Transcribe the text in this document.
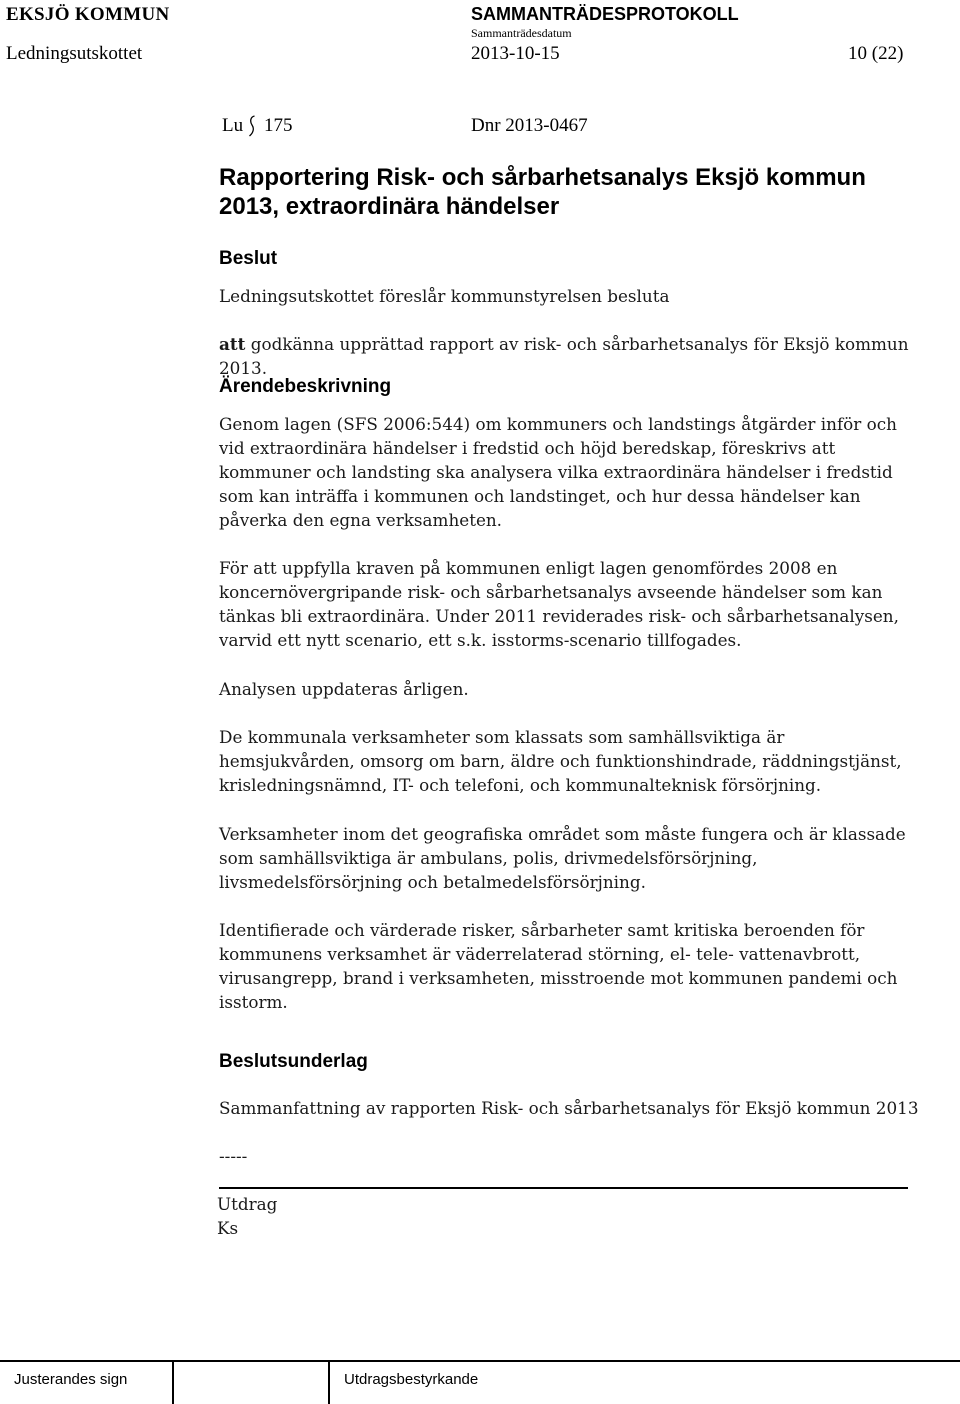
EKSJÖ KOMMUN	SAMMANTRÄDESPROTOKOLL
Sammanträdesdatum
Ledningsutskottet	2013-10-15	10 (22)
Lu 175	Dnr 2013-0467
Rapportering Risk- och sårbarhetsanalys Eksjö kommun 2013, extraordinära händelser
Beslut
Ledningsutskottet föreslår kommunstyrelsen besluta
att godkänna upprättad rapport av risk- och sårbarhetsanalys för Eksjö kommun 2013.
Ärendebeskrivning
Genom lagen (SFS 2006:544) om kommuners och landstings åtgärder inför och vid extraordinära händelser i fredstid och höjd beredskap, föreskrivs att kommuner och landsting ska analysera vilka extraordinära händelser i fredstid som kan inträffa i kommunen och landstinget, och hur dessa händelser kan påverka den egna verksamheten.
För att uppfylla kraven på kommunen enligt lagen genomfördes 2008 en koncernövergripande risk- och sårbarhetsanalys avseende händelser som kan tänkas bli extraordinära. Under 2011 reviderades risk- och sårbarhetsanalysen, varvid ett nytt scenario, ett s.k. isstorms-scenario tillfogades.
Analysen uppdateras årligen.
De kommunala verksamheter som klassats som samhällsviktiga är hemsjukvården, omsorg om barn, äldre och funktionshindrade, räddningstjänst, krisledningsnämnd, IT- och telefoni, och kommunalteknisk försörjning.
Verksamheter inom det geografiska området som måste fungera och är klassade som samhällsviktiga är ambulans, polis, drivmedelsförsörjning, livsmedelsförsörjning och betalmedelsförsörjning.
Identifierade och värderade risker, sårbarheter samt kritiska beroenden för kommunens verksamhet är väderrelaterad störning, el- tele- vattenavbrott, virusangrepp, brand i verksamheten, misstroende mot kommunen pandemi och isstorm.
Beslutsunderlag
Sammanfattning av rapporten Risk- och sårbarhetsanalys för Eksjö kommun 2013
-----
Utdrag
Ks
Justerandes sign	Utdragsbestyrkande
